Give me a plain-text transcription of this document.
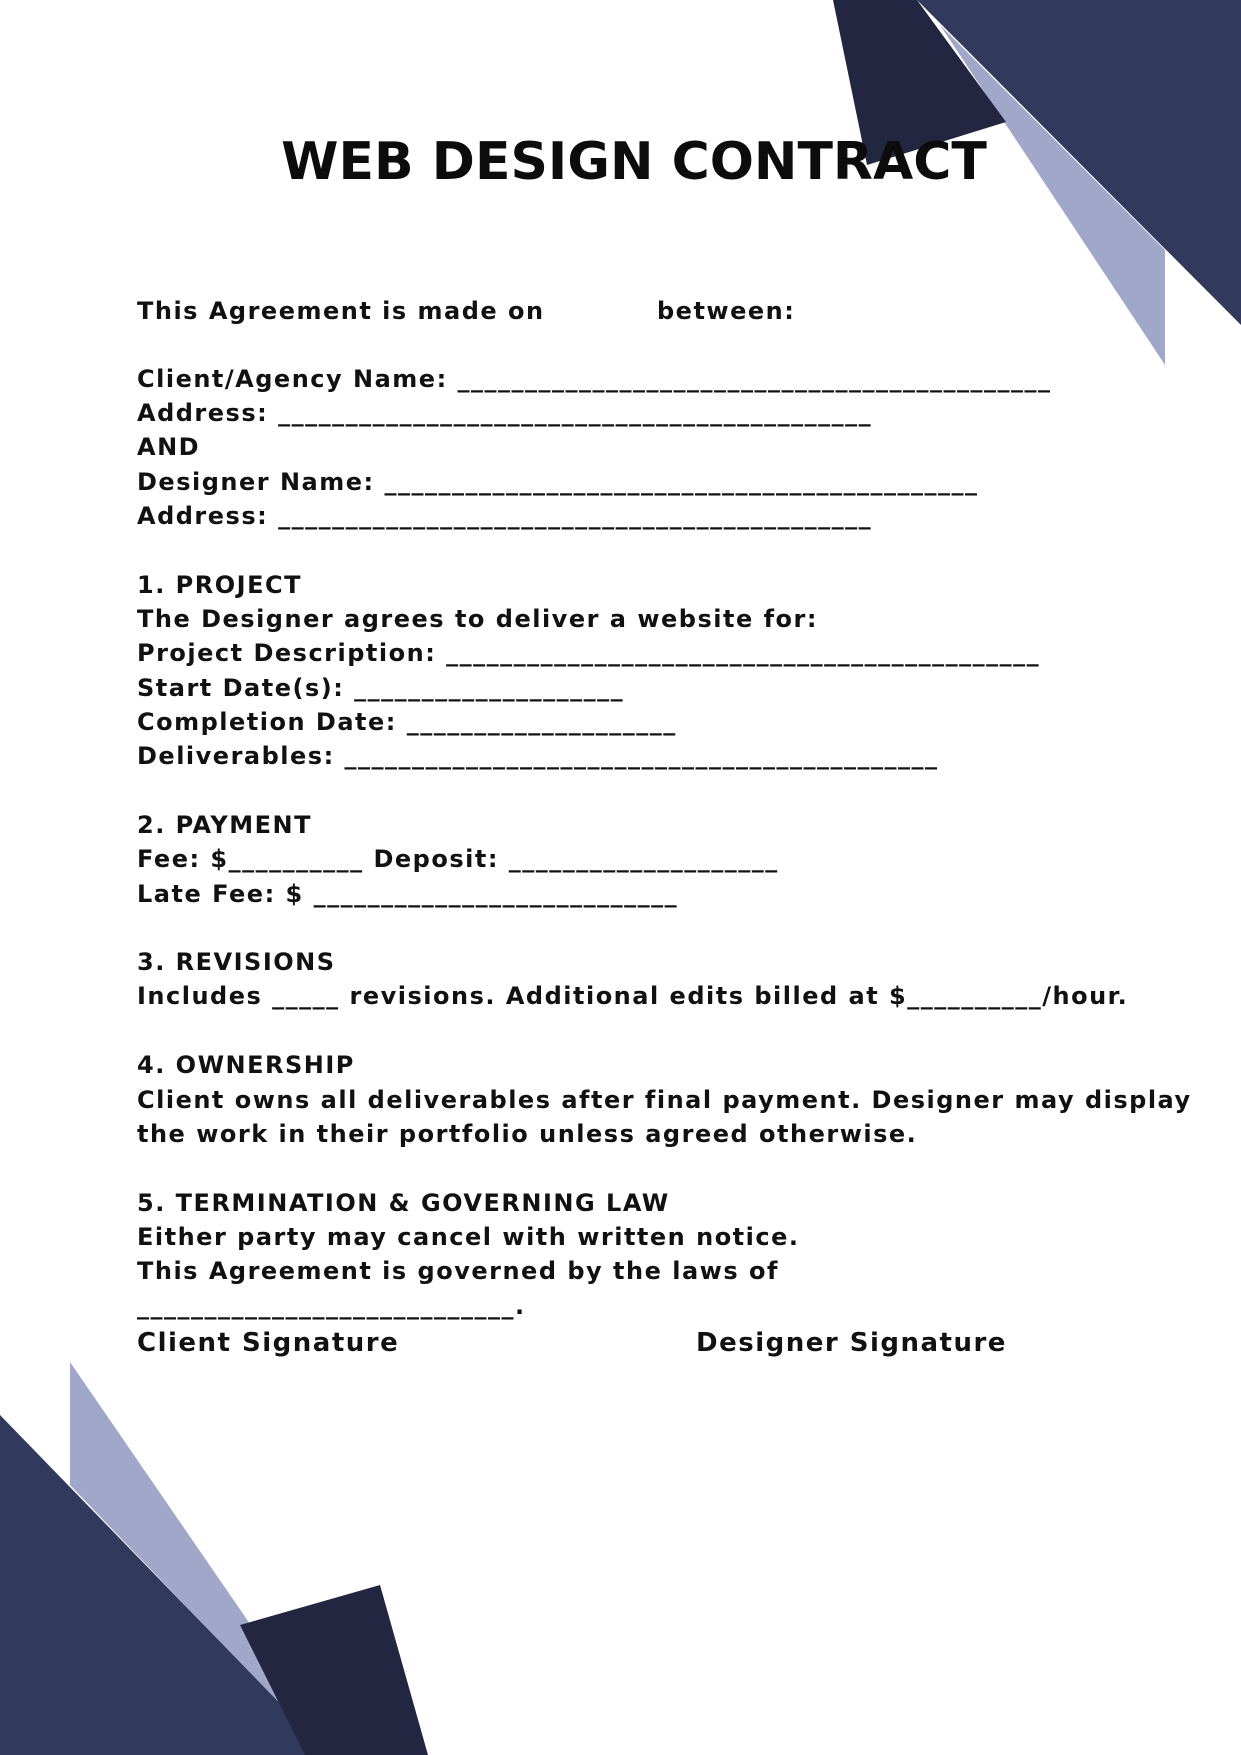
WEB DESIGN CONTRACT
This Agreement is made on	between:
Client/Agency Name: ____________________________________________
Address: ____________________________________________
AND
Designer Name: ____________________________________________
Address: ____________________________________________
1. PROJECT
The Designer agrees to deliver a website for:
Project Description: ____________________________________________
Start Date(s): ____________________
Completion Date: ____________________
Deliverables: ____________________________________________
2. PAYMENT
Fee: $__________ Deposit: ____________________
Late Fee: $ ___________________________
3. REVISIONS
Includes _____ revisions. Additional edits billed at $__________/hour.
4. OWNERSHIP
Client owns all deliverables after final payment. Designer may display
the work in their portfolio unless agreed otherwise.
5. TERMINATION & GOVERNING LAW
Either party may cancel with written notice.
This Agreement is governed by the laws of
____________________________.
Client Signature	Designer Signature
